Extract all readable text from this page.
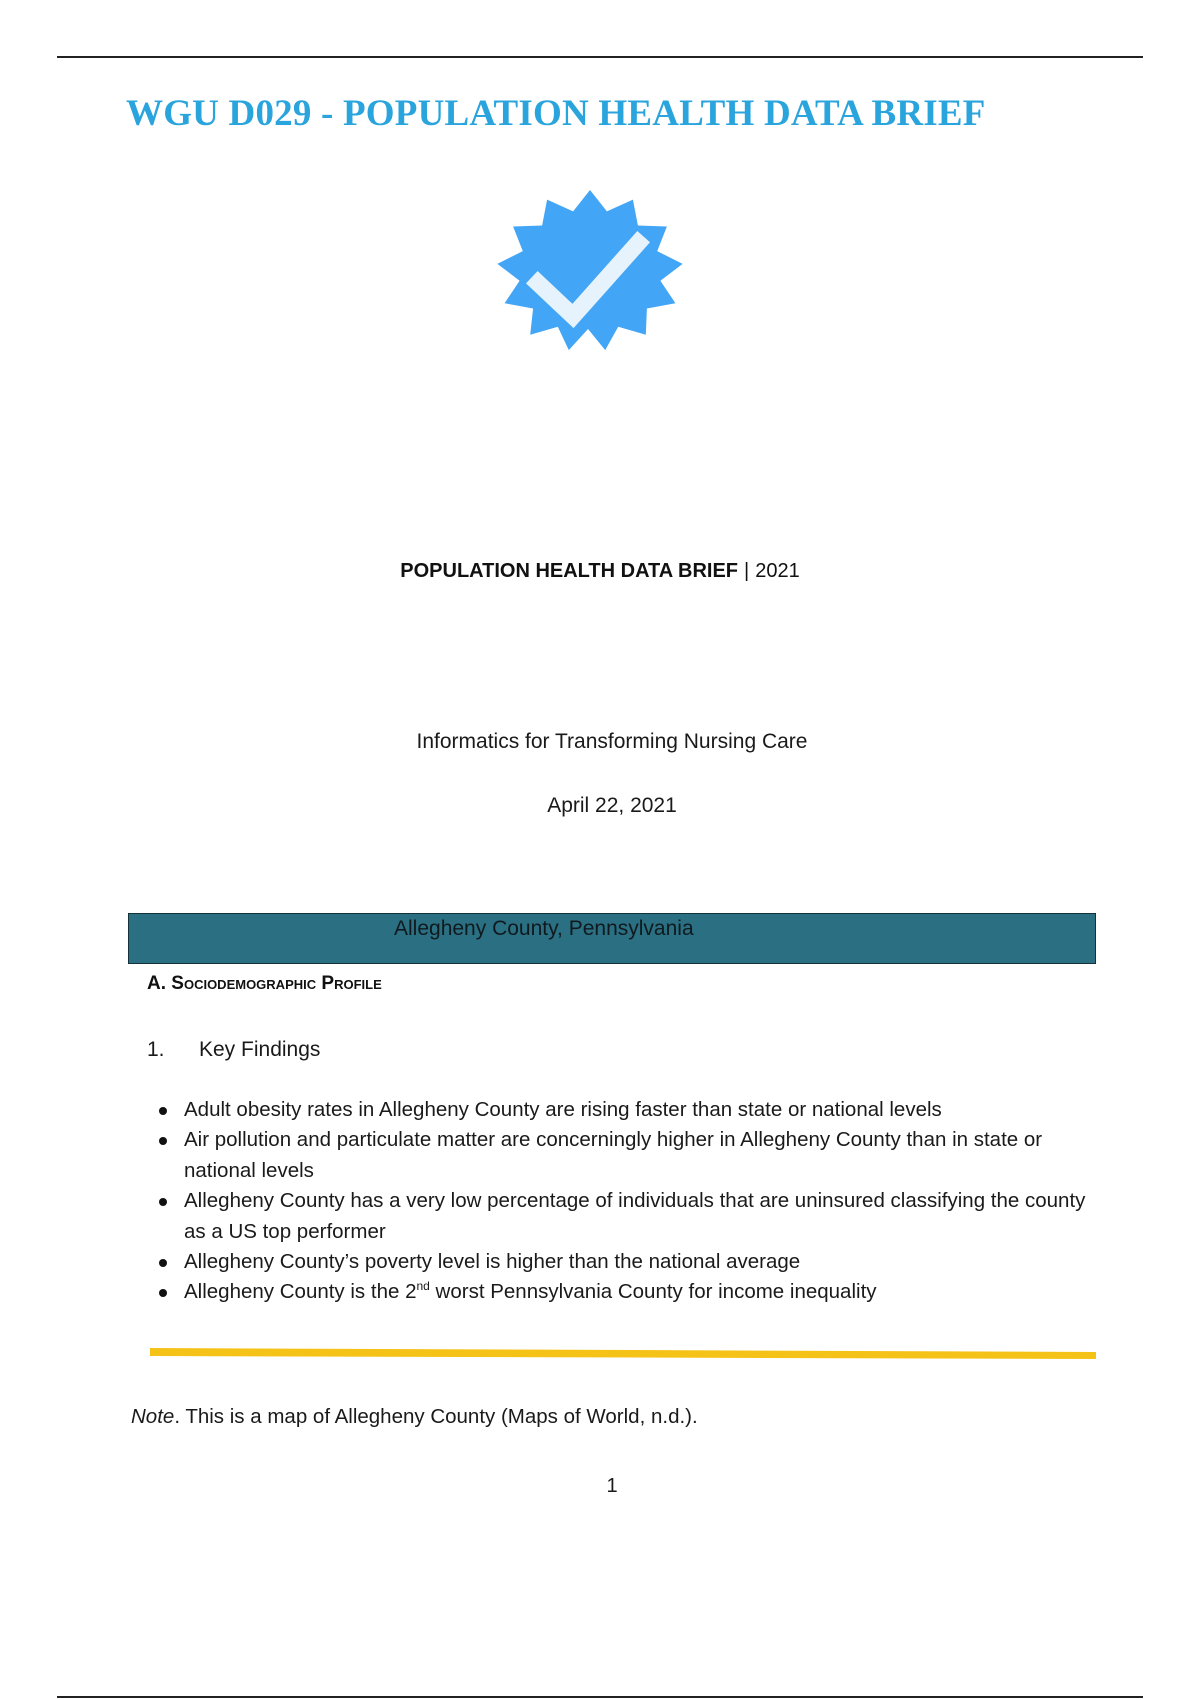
WGU D029 - POPULATION HEALTH DATA BRIEF
POPULATION HEALTH DATA BRIEF | 2021
Informatics for Transforming Nursing Care
April 22, 2021
Allegheny County, Pennsylvania
A. Sociodemographic Profile
1. Key Findings
Adult obesity rates in Allegheny County are rising faster than state or national levels
Air pollution and particulate matter are concerningly higher in Allegheny County than in state or national levels
Allegheny County has a very low percentage of individuals that are uninsured classifying the county as a US top performer
Allegheny County’s poverty level is higher than the national average
Allegheny County is the 2nd worst Pennsylvania County for income inequality
Note. This is a map of Allegheny County (Maps of World, n.d.).
1
